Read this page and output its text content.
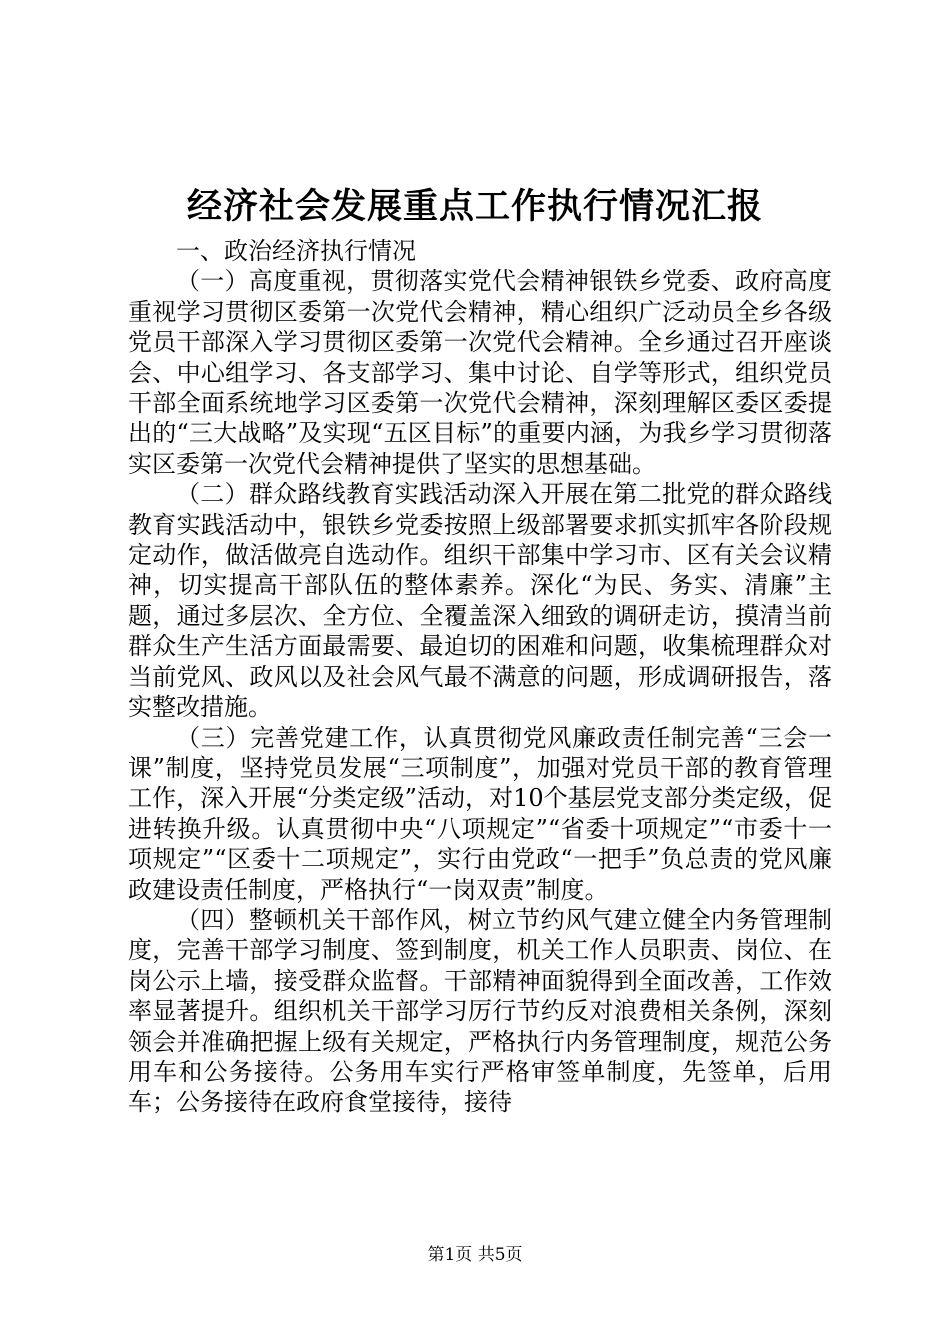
经济社会发展重点工作执行情况汇报

一、政治经济执行情况

（一）高度重视，贯彻落实党代会精神银铁乡党委、政府高度重视学习贯彻区委第一次党代会精神，精心组织广泛动员全乡各级党员干部深入学习贯彻区委第一次党代会精神。全乡通过召开座谈会、中心组学习、各支部学习、集中讨论、自学等形式，组织党员干部全面系统地学习区委第一次党代会精神，深刻理解区委区委提出的“三大战略”及实现“五区目标”的重要内涵，为我乡学习贯彻落实区委第一次党代会精神提供了坚实的思想基础。

（二）群众路线教育实践活动深入开展在第二批党的群众路线教育实践活动中，银铁乡党委按照上级部署要求抓实抓牢各阶段规定动作，做活做亮自选动作。组织干部集中学习市、区有关会议精神，切实提高干部队伍的整体素养。深化“为民、务实、清廉”主题，通过多层次、全方位、全覆盖深入细致的调研走访，摸清当前群众生产生活方面最需要、最迫切的困难和问题，收集梳理群众对当前党风、政风以及社会风气最不满意的问题，形成调研报告，落实整改措施。

（三）完善党建工作，认真贯彻党风廉政责任制完善“三会一课”制度，坚持党员发展“三项制度”，加强对党员干部的教育管理工作，深入开展“分类定级”活动，对10个基层党支部分类定级，促进转换升级。认真贯彻中央“八项规定”“省委十项规定”“市委十一项规定”“区委十二项规定”，实行由党政“一把手”负总责的党风廉政建设责任制度，严格执行“一岗双责”制度。

（四）整顿机关干部作风，树立节约风气建立健全内务管理制度，完善干部学习制度、签到制度，机关工作人员职责、岗位、在岗公示上墙，接受群众监督。干部精神面貌得到全面改善，工作效率显著提升。组织机关干部学习厉行节约反对浪费相关条例，深刻领会并准确把握上级有关规定，严格执行内务管理制度，规范公务用车和公务接待。公务用车实行严格审签单制度，先签单，后用车；公务接待在政府食堂接待，接待

第1页 共5页
